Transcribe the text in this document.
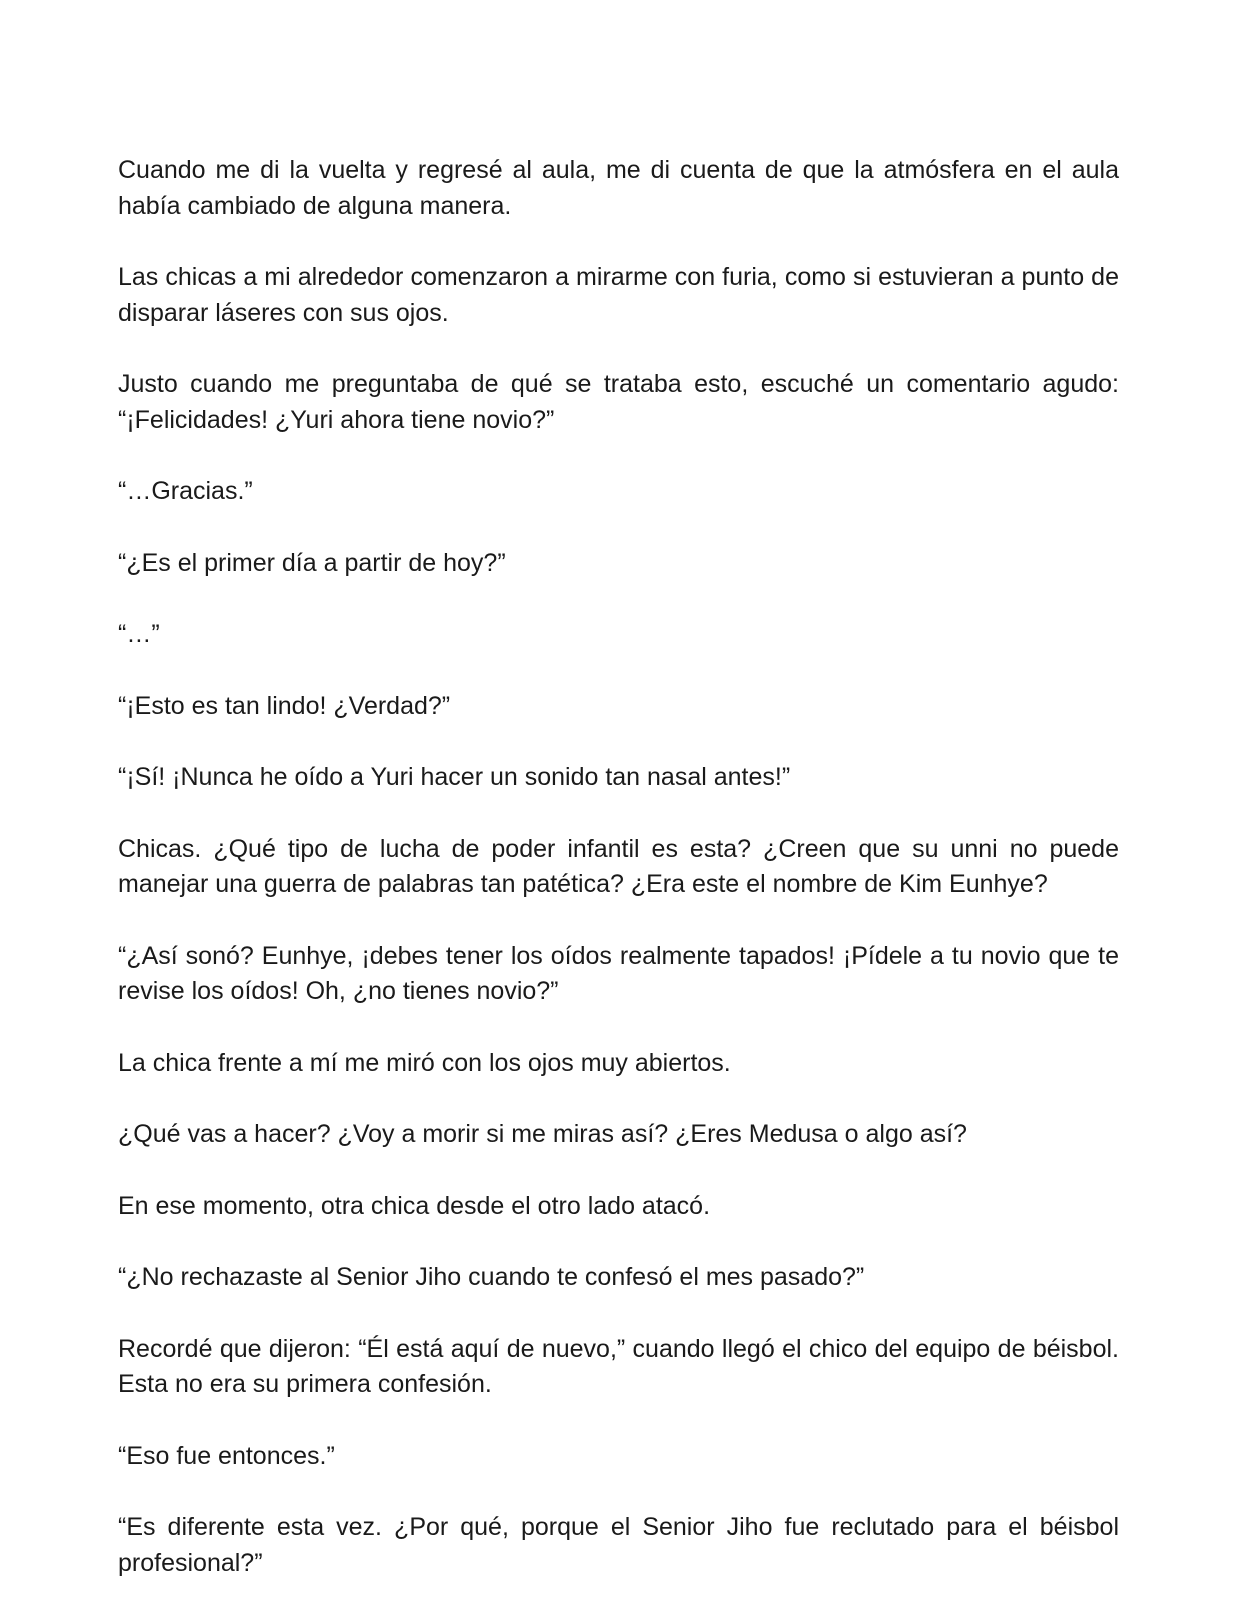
Cuando me di la vuelta y regresé al aula, me di cuenta de que la atmósfera en el aula había cambiado de alguna manera.

Las chicas a mi alrededor comenzaron a mirarme con furia, como si estuvieran a punto de disparar láseres con sus ojos.

Justo cuando me preguntaba de qué se trataba esto, escuché un comentario agudo: “¡Felicidades! ¿Yuri ahora tiene novio?”

“…Gracias.”

“¿Es el primer día a partir de hoy?”

“…”

“¡Esto es tan lindo! ¿Verdad?”

“¡Sí! ¡Nunca he oído a Yuri hacer un sonido tan nasal antes!”

Chicas. ¿Qué tipo de lucha de poder infantil es esta? ¿Creen que su unni no puede manejar una guerra de palabras tan patética? ¿Era este el nombre de Kim Eunhye?

“¿Así sonó? Eunhye, ¡debes tener los oídos realmente tapados! ¡Pídele a tu novio que te revise los oídos! Oh, ¿no tienes novio?”

La chica frente a mí me miró con los ojos muy abiertos.

¿Qué vas a hacer? ¿Voy a morir si me miras así? ¿Eres Medusa o algo así?

En ese momento, otra chica desde el otro lado atacó.

“¿No rechazaste al Senior Jiho cuando te confesó el mes pasado?”

Recordé que dijeron: “Él está aquí de nuevo,” cuando llegó el chico del equipo de béisbol. Esta no era su primera confesión.

“Eso fue entonces.”

“Es diferente esta vez. ¿Por qué, porque el Senior Jiho fue reclutado para el béisbol profesional?”
